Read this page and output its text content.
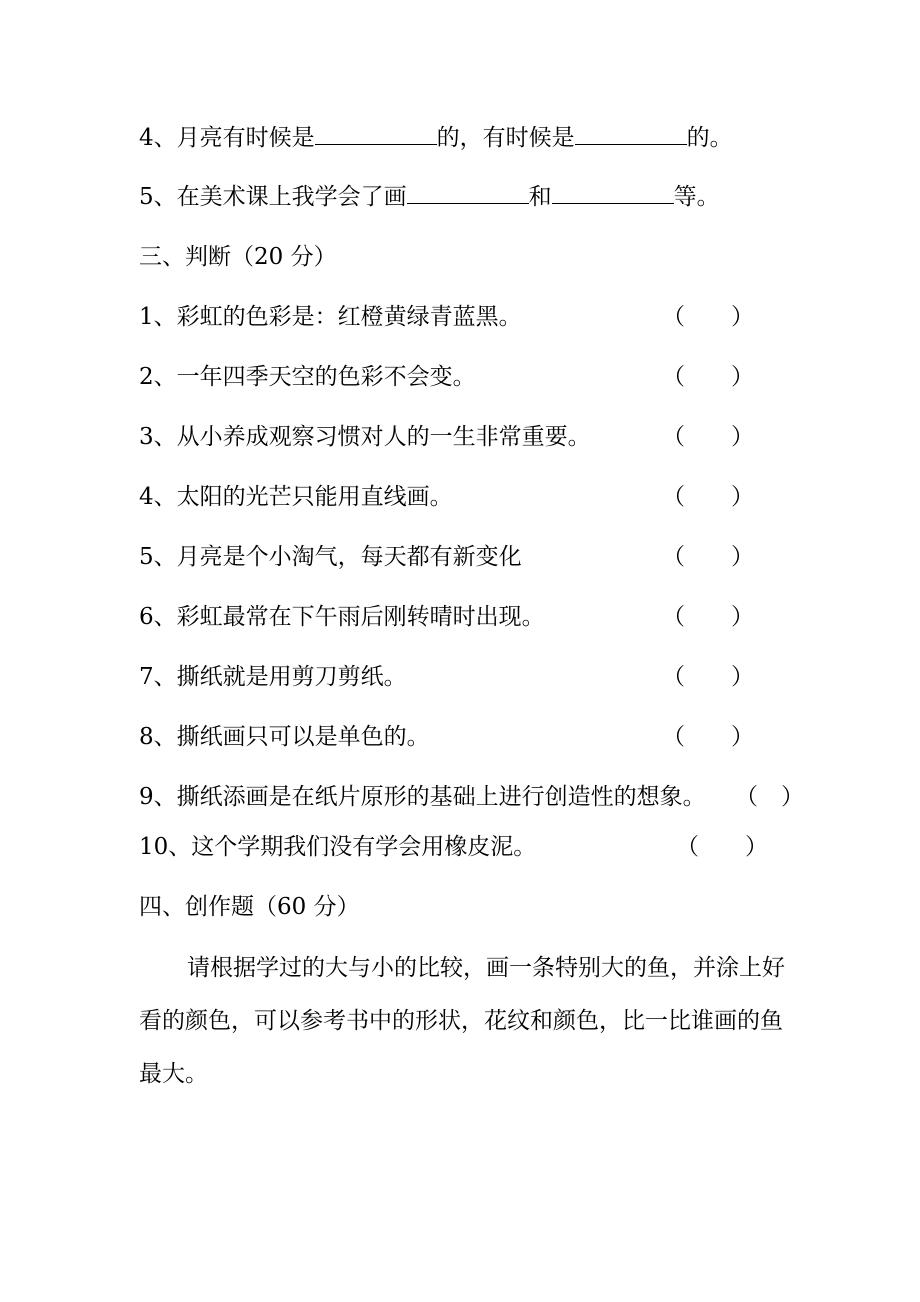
4、月亮有时候是	的，有时候是	的。
5、在美术课上我学会了画	和	等。
三、判断（20 分）
1、彩虹的色彩是：红橙黄绿青蓝黑。	（　　）
2、一年四季天空的色彩不会变。	（　　）
3、从小养成观察习惯对人的一生非常重要。	（　　）
4、太阳的光芒只能用直线画。	（　　）
5、月亮是个小淘气，每天都有新变化	（　　）
6、彩虹最常在下午雨后刚转晴时出现。	（　　）
7、撕纸就是用剪刀剪纸。	（　　）
8、撕纸画只可以是单色的。	（　　）
9、撕纸添画是在纸片原形的基础上进行创造性的想象。 （　）
10、这个学期我们没有学会用橡皮泥。	（　　）
四、创作题（60 分）
请根据学过的大与小的比较，画一条特别大的鱼，并涂上好看的颜色，可以参考书中的形状，花纹和颜色，比一比谁画的鱼最大。
